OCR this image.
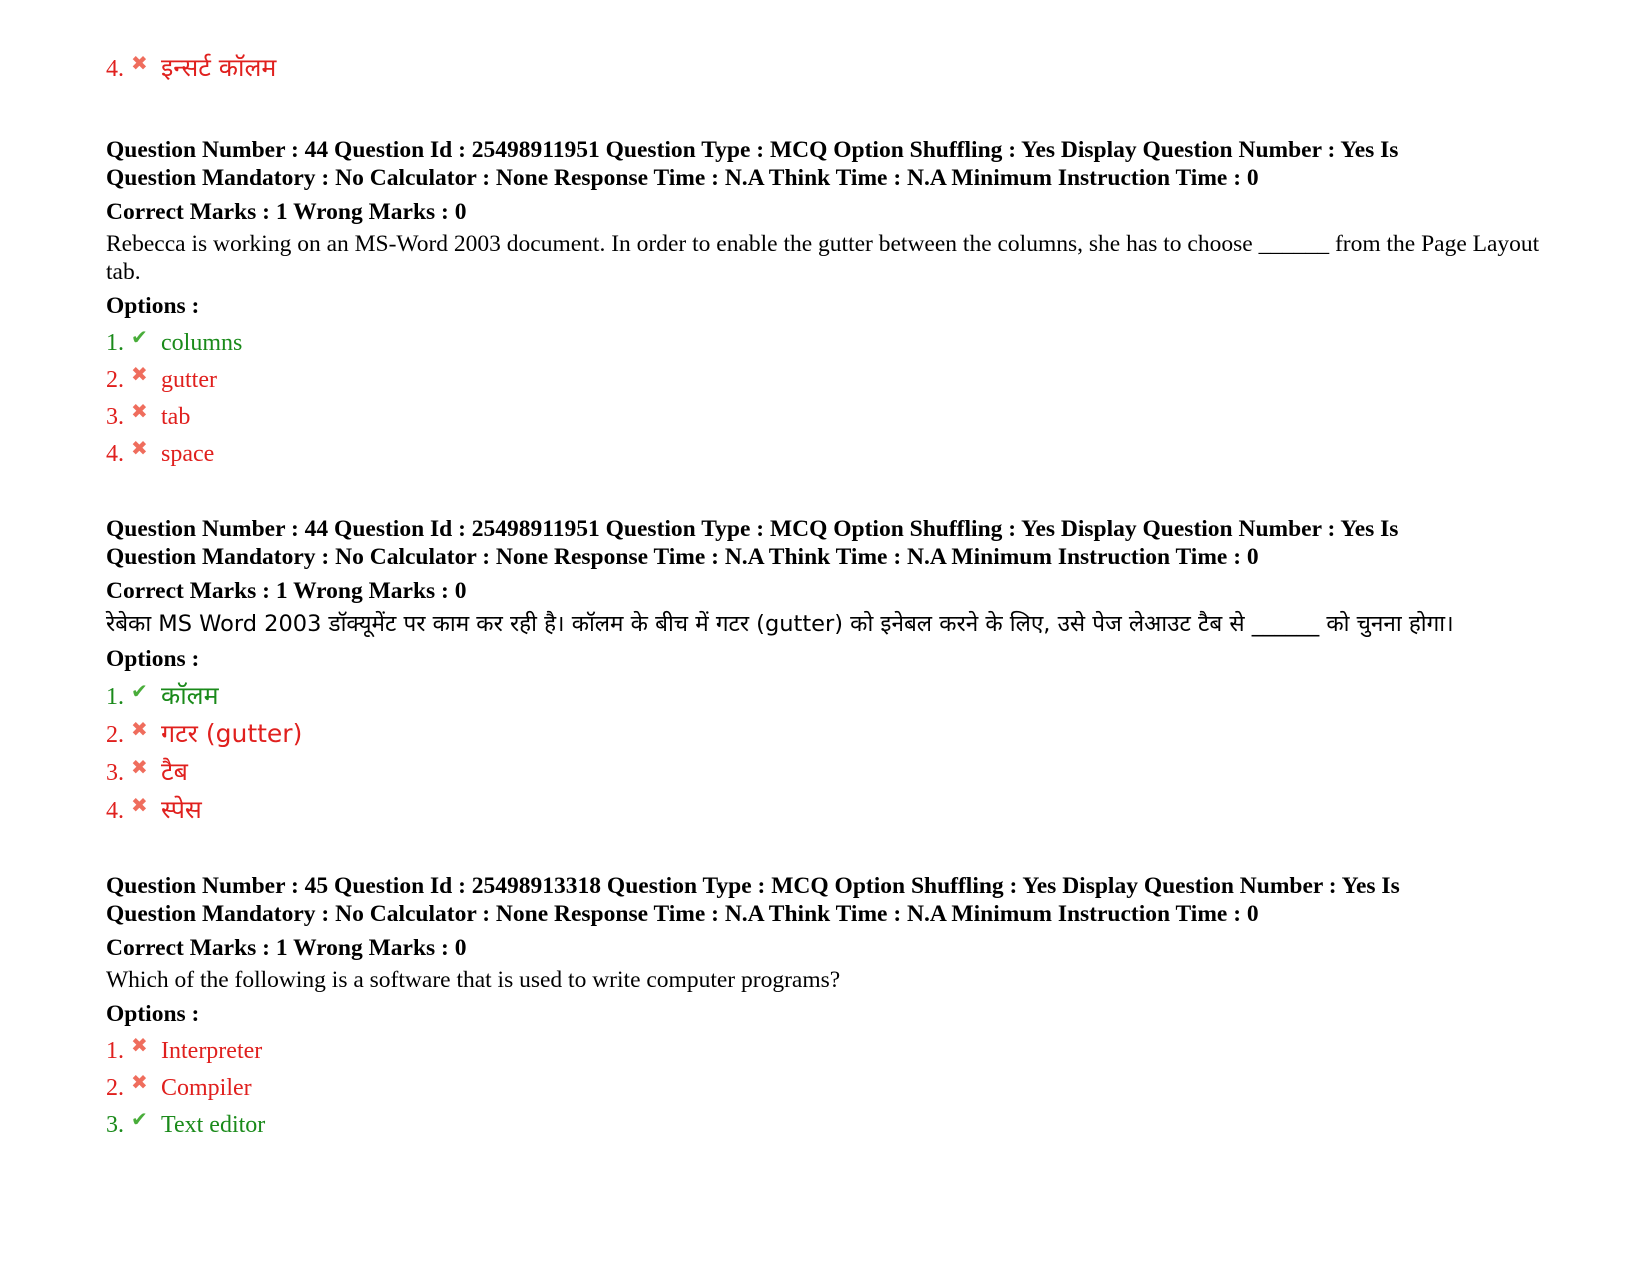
4. ✖ इन्सर्ट कॉलम

Question Number : 44 Question Id : 25498911951 Question Type : MCQ Option Shuffling : Yes Display Question Number : Yes Is

Question Mandatory : No Calculator : None Response Time : N.A Think Time : N.A Minimum Instruction Time : 0

Correct Marks : 1 Wrong Marks : 0

Rebecca is working on an MS-Word 2003 document. In order to enable the gutter between the columns, she has to choose ______ from the Page Layout tab.

Options :

1. ✔ columns
2. ✖ gutter
3. ✖ tab
4. ✖ space

Question Number : 44 Question Id : 25498911951 Question Type : MCQ Option Shuffling : Yes Display Question Number : Yes Is

Question Mandatory : No Calculator : None Response Time : N.A Think Time : N.A Minimum Instruction Time : 0

Correct Marks : 1 Wrong Marks : 0

रेबेका MS Word 2003 डॉक्यूमेंट पर काम कर रही है। कॉलम के बीच में गटर (gutter) को इनेबल करने के लिए, उसे पेज लेआउट टैब से ______ को चुनना होगा।

Options :

1. ✔ कॉलम
2. ✖ गटर (gutter)
3. ✖ टैब
4. ✖ स्पेस

Question Number : 45 Question Id : 25498913318 Question Type : MCQ Option Shuffling : Yes Display Question Number : Yes Is

Question Mandatory : No Calculator : None Response Time : N.A Think Time : N.A Minimum Instruction Time : 0

Correct Marks : 1 Wrong Marks : 0

Which of the following is a software that is used to write computer programs?

Options :

1. ✖ Interpreter
2. ✖ Compiler
3. ✔ Text editor
